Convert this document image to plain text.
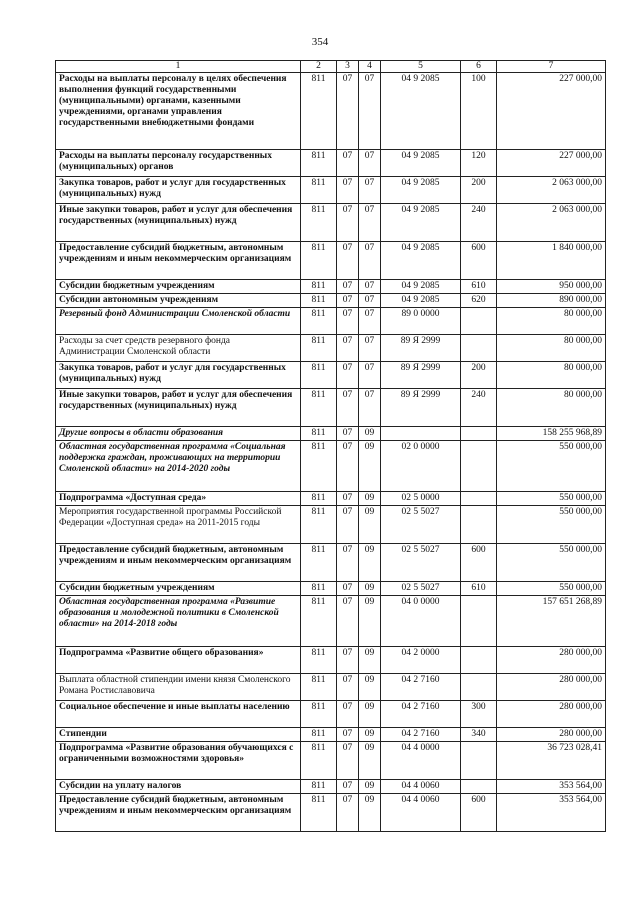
354
1	2	3	4	5	6	7
Расходы на выплаты персоналу в целях обеспечения выполнения функций государственными (муниципальными) органами, казенными учреждениями, органами управления государственными внебюджетными фондами	811	07	07	04 9 2085	100	227 000,00
Расходы на выплаты персоналу государственных (муниципальных) органов	811	07	07	04 9 2085	120	227 000,00
Закупка товаров, работ и услуг для государственных (муниципальных) нужд	811	07	07	04 9 2085	200	2 063 000,00
Иные закупки товаров, работ и услуг для обеспечения государственных (муниципальных) нужд	811	07	07	04 9 2085	240	2 063 000,00
Предоставление субсидий бюджетным, автономным учреждениям и иным некоммерческим организациям	811	07	07	04 9 2085	600	1 840 000,00
Субсидии бюджетным учреждениям	811	07	07	04 9 2085	610	950 000,00
Субсидии автономным учреждениям	811	07	07	04 9 2085	620	890 000,00
Резервный фонд Администрации Смоленской области	811	07	07	89 0 0000		80 000,00
Расходы за счет средств резервного фонда Администрации Смоленской области	811	07	07	89 Я 2999		80 000,00
Закупка товаров, работ и услуг для государственных (муниципальных) нужд	811	07	07	89 Я 2999	200	80 000,00
Иные закупки товаров, работ и услуг для обеспечения государственных (муниципальных) нужд	811	07	07	89 Я 2999	240	80 000,00
Другие вопросы в области образования	811	07	09			158 255 968,89
Областная государственная программа «Социальная поддержка граждан, проживающих на территории Смоленской области» на 2014-2020 годы	811	07	09	02 0 0000		550 000,00
Подпрограмма «Доступная среда»	811	07	09	02 5 0000		550 000,00
Мероприятия государственной программы Российской Федерации «Доступная среда» на 2011-2015 годы	811	07	09	02 5 5027		550 000,00
Предоставление субсидий бюджетным, автономным учреждениям и иным некоммерческим организациям	811	07	09	02 5 5027	600	550 000,00
Субсидии бюджетным учреждениям	811	07	09	02 5 5027	610	550 000,00
Областная государственная программа «Развитие образования и молодежной политики в Смоленской области» на 2014-2018 годы	811	07	09	04 0 0000		157 651 268,89
Подпрограмма «Развитие общего образования»	811	07	09	04 2 0000		280 000,00
Выплата областной стипендии имени князя Смоленского Романа Ростиславовича	811	07	09	04 2 7160		280 000,00
Социальное обеспечение и иные выплаты населению	811	07	09	04 2 7160	300	280 000,00
Стипендии	811	07	09	04 2 7160	340	280 000,00
Подпрограмма «Развитие образования обучающихся с ограниченными возможностями здоровья»	811	07	09	04 4 0000		36 723 028,41
Субсидии на уплату налогов	811	07	09	04 4 0060		353 564,00
Предоставление субсидий бюджетным, автономным учреждениям и иным некоммерческим организациям	811	07	09	04 4 0060	600	353 564,00
